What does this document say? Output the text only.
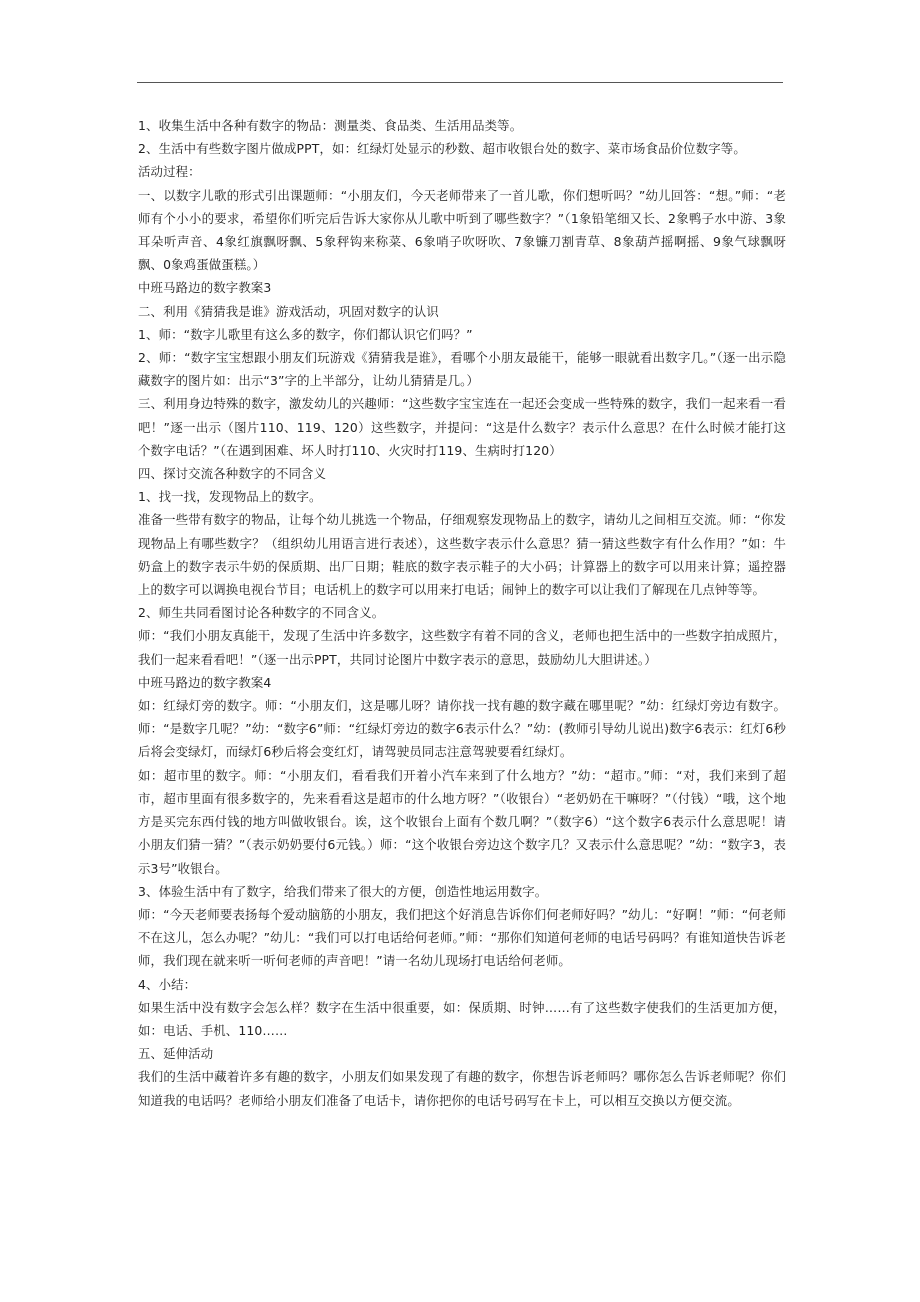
1、收集生活中各种有数字的物品：测量类、食品类、生活用品类等。

2、生活中有些数字图片做成PPT，如：红绿灯处显示的秒数、超市收银台处的数字、菜市场食品价位数字等。

活动过程：

一、以数字儿歌的形式引出课题师：“小朋友们，今天老师带来了一首儿歌，你们想听吗？”幼儿回答：“想。”师：“老师有个小小的要求，希望你们听完后告诉大家你从儿歌中听到了哪些数字？”（1象铅笔细又长、2象鸭子水中游、3象耳朵听声音、4象红旗飘呀飘、5象秤钩来称菜、6象哨子吹呀吹、7象镰刀割青草、8象葫芦摇啊摇、9象气球飘呀飘、0象鸡蛋做蛋糕。）

中班马路边的数字教案3

二、利用《猜猜我是谁》游戏活动，巩固对数字的认识

1、师：“数字儿歌里有这么多的数字，你们都认识它们吗？”

2、师：“数字宝宝想跟小朋友们玩游戏《猜猜我是谁》，看哪个小朋友最能干，能够一眼就看出数字几。”（逐一出示隐藏数字的图片如：出示“3”字的上半部分，让幼儿猜猜是几。）

三、利用身边特殊的数字，激发幼儿的兴趣师：“这些数字宝宝连在一起还会变成一些特殊的数字，我们一起来看一看吧！”逐一出示（图片110、119、120）这些数字，并提问：“这是什么数字？表示什么意思？在什么时候才能打这个数字电话？”（在遇到困难、坏人时打110、火灾时打119、生病时打120）

四、探讨交流各种数字的不同含义

1、找一找，发现物品上的数字。

准备一些带有数字的物品，让每个幼儿挑选一个物品，仔细观察发现物品上的数字，请幼儿之间相互交流。师：“你发现物品上有哪些数字？（组织幼儿用语言进行表述），这些数字表示什么意思？猜一猜这些数字有什么作用？”如：牛奶盒上的数字表示牛奶的保质期、出厂日期；鞋底的数字表示鞋子的大小码；计算器上的数字可以用来计算；遥控器上的数字可以调换电视台节目；电话机上的数字可以用来打电话；闹钟上的数字可以让我们了解现在几点钟等等。

2、师生共同看图讨论各种数字的不同含义。

师：“我们小朋友真能干，发现了生活中许多数字，这些数字有着不同的含义，老师也把生活中的一些数字拍成照片，我们一起来看看吧！”（逐一出示PPT，共同讨论图片中数字表示的意思，鼓励幼儿大胆讲述。）

中班马路边的数字教案4

如：红绿灯旁的数字。师：“小朋友们，这是哪儿呀？请你找一找有趣的数字藏在哪里呢？”幼：红绿灯旁边有数字。师：“是数字几呢？”幼：“数字6”师：“红绿灯旁边的数字6表示什么？”幼：(教师引导幼儿说出)数字6表示：红灯6秒后将会变绿灯，而绿灯6秒后将会变红灯，请驾驶员同志注意驾驶要看红绿灯。

如：超市里的数字。师：“小朋友们，看看我们开着小汽车来到了什么地方？”幼：“超市。”师：“对，我们来到了超市，超市里面有很多数字的，先来看看这是超市的什么地方呀？”（收银台）“老奶奶在干嘛呀？”（付钱）“哦，这个地方是买完东西付钱的地方叫做收银台。诶，这个收银台上面有个数几啊？”（数字6）“这个数字6表示什么意思呢！请小朋友们猜一猜？”（表示奶奶要付6元钱。）师：“这个收银台旁边这个数字几？又表示什么意思呢？”幼：“数字3，表示3号”收银台。

3、体验生活中有了数字，给我们带来了很大的方便，创造性地运用数字。

师：“今天老师要表扬每个爱动脑筋的小朋友，我们把这个好消息告诉你们何老师好吗？”幼儿：“好啊！”师：“何老师不在这儿，怎么办呢？”幼儿：“我们可以打电话给何老师。”师：“那你们知道何老师的电话号码吗？有谁知道快告诉老师，我们现在就来听一听何老师的声音吧！”请一名幼儿现场打电话给何老师。

4、小结：

如果生活中没有数字会怎么样？数字在生活中很重要，如：保质期、时钟……有了这些数字使我们的生活更加方便，如：电话、手机、110……

五、延伸活动

我们的生活中藏着许多有趣的数字，小朋友们如果发现了有趣的数字，你想告诉老师吗？哪你怎么告诉老师呢？你们知道我的电话吗？老师给小朋友们准备了电话卡，请你把你的电话号码写在卡上，可以相互交换以方便交流。
